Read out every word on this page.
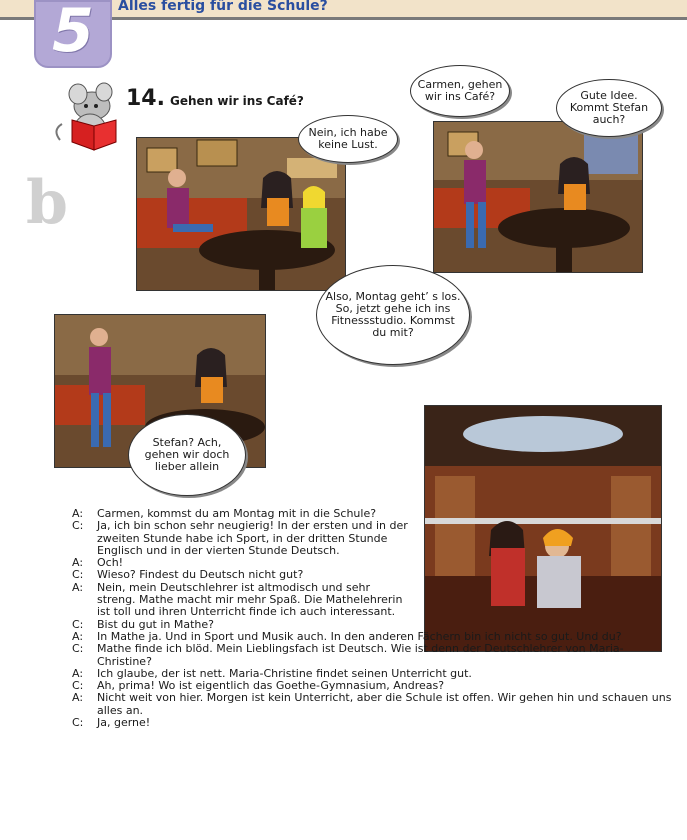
Alles fertig für die Schule?
5
b
14. Gehen wir ins Café?
Nein, ich habe
keine Lust.
Carmen, gehen
wir ins Café?	Gute Idee.
Kommt Stefan
auch?
Also, Montag geht’ s los.
So, jetzt gehe ich ins
Fitnessstudio. Kommst
du mit?
Stefan? Ach,
gehen wir doch
lieber allein
A:	Carmen, kommst du am Montag mit in die Schule?
C:	Ja, ich bin schon sehr neugierig! In der ersten und in der zweiten Stunde habe ich Sport, in der dritten Stunde Englisch und in der vierten Stunde Deutsch.
A:	Och!
C:	Wieso? Findest du Deutsch nicht gut?
A:	Nein, mein Deutschlehrer ist altmodisch und sehr streng. Mathe macht mir mehr Spaß. Die Mathelehrerin ist toll und ihren Unterricht finde ich auch interessant.
C:	Bist du gut in Mathe?
A:	In Mathe ja. Und in Sport und Musik auch. In den anderen Fächern bin ich nicht so gut. Und du?
C:	Mathe finde ich blöd. Mein Lieblingsfach ist Deutsch. Wie ist denn der Deutschlehrer von Maria-Christine?
A:	Ich glaube, der ist nett. Maria-Christine findet seinen Unterricht gut.
C:	Ah, prima! Wo ist eigentlich das Goethe-Gymnasium, Andreas?
A:	Nicht weit von hier. Morgen ist kein Unterricht, aber die Schule ist offen. Wir gehen hin und schauen uns alles an.
C:	Ja, gerne!
